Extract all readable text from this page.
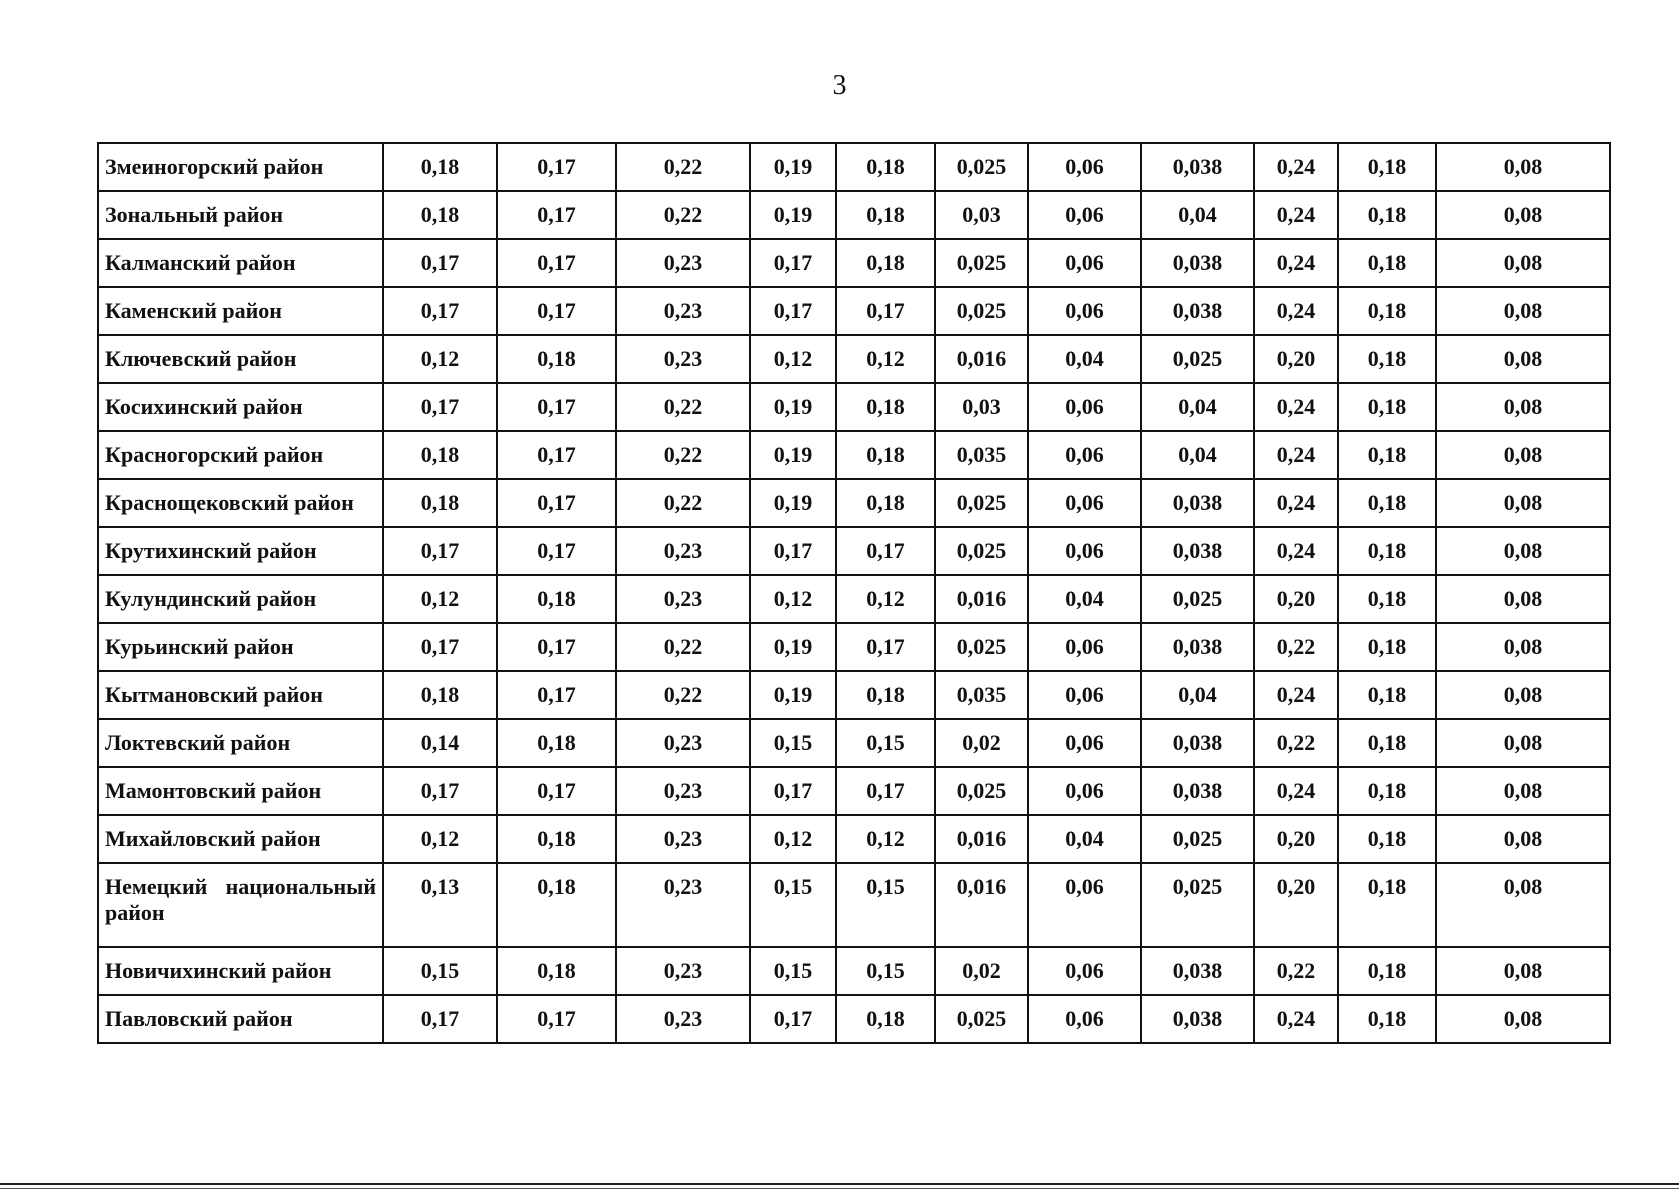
3
Змеиногорский район	0,18	0,17	0,22	0,19	0,18	0,025	0,06	0,038	0,24	0,18	0,08
Зональный район	0,18	0,17	0,22	0,19	0,18	0,03	0,06	0,04	0,24	0,18	0,08
Калманский район	0,17	0,17	0,23	0,17	0,18	0,025	0,06	0,038	0,24	0,18	0,08
Каменский район	0,17	0,17	0,23	0,17	0,17	0,025	0,06	0,038	0,24	0,18	0,08
Ключевский район	0,12	0,18	0,23	0,12	0,12	0,016	0,04	0,025	0,20	0,18	0,08
Косихинский район	0,17	0,17	0,22	0,19	0,18	0,03	0,06	0,04	0,24	0,18	0,08
Красногорский район	0,18	0,17	0,22	0,19	0,18	0,035	0,06	0,04	0,24	0,18	0,08
Краснощековский район	0,18	0,17	0,22	0,19	0,18	0,025	0,06	0,038	0,24	0,18	0,08
Крутихинский район	0,17	0,17	0,23	0,17	0,17	0,025	0,06	0,038	0,24	0,18	0,08
Кулундинский район	0,12	0,18	0,23	0,12	0,12	0,016	0,04	0,025	0,20	0,18	0,08
Курьинский район	0,17	0,17	0,22	0,19	0,17	0,025	0,06	0,038	0,22	0,18	0,08
Кытмановский район	0,18	0,17	0,22	0,19	0,18	0,035	0,06	0,04	0,24	0,18	0,08
Локтевский район	0,14	0,18	0,23	0,15	0,15	0,02	0,06	0,038	0,22	0,18	0,08
Мамонтовский район	0,17	0,17	0,23	0,17	0,17	0,025	0,06	0,038	0,24	0,18	0,08
Михайловский район	0,12	0,18	0,23	0,12	0,12	0,016	0,04	0,025	0,20	0,18	0,08
Немецкий национальный район	0,13	0,18	0,23	0,15	0,15	0,016	0,06	0,025	0,20	0,18	0,08
Новичихинский район	0,15	0,18	0,23	0,15	0,15	0,02	0,06	0,038	0,22	0,18	0,08
Павловский район	0,17	0,17	0,23	0,17	0,18	0,025	0,06	0,038	0,24	0,18	0,08
